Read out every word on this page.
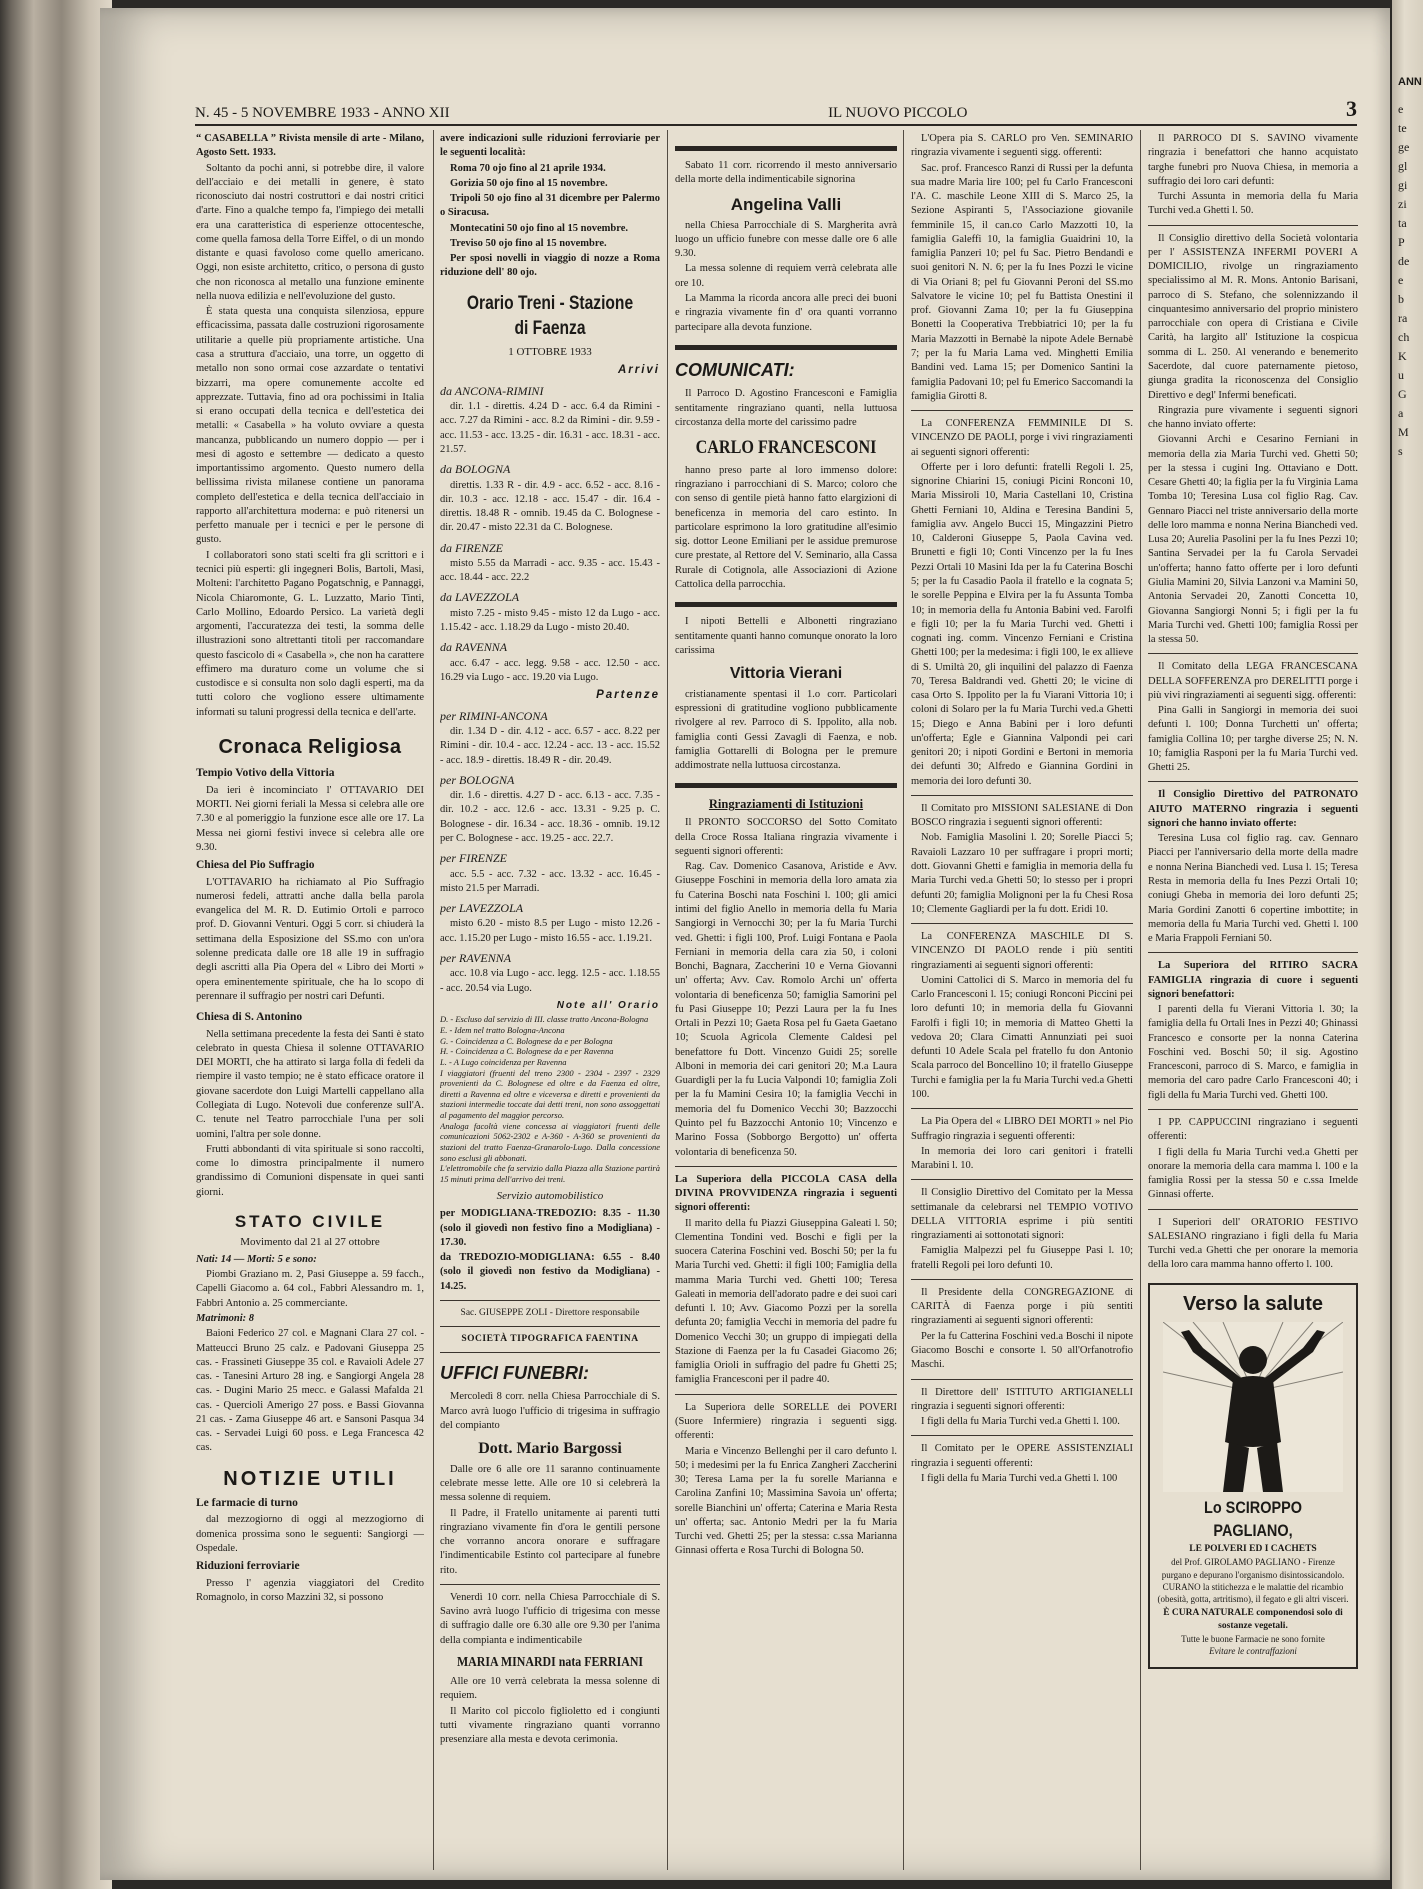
ANN
e
te
ge
gl
gi
zi
ta
P
de
e
b
ra
ch
K
u
G
a
M
s
N. 45 - 5 NOVEMBRE 1933 - ANNO XII	IL NUOVO PICCOLO	3

“ CASABELLA ” Rivista mensile di arte - Milano, Agosto Sett. 1933.

Soltanto da pochi anni, si potrebbe dire, il valore dell'acciaio e dei metalli in genere, è stato riconosciuto dai nostri costruttori e dai nostri critici d'arte. Fino a qualche tempo fa, l'impiego dei metalli era una caratteristica di esperienze ottocentesche, come quella famosa della Torre Eiffel, o di un mondo distante e quasi favoloso come quello americano. Oggi, non esiste architetto, critico, o persona di gusto che non riconosca al metallo una funzione eminente nella nuova edilizia e nell'evoluzione del gusto.

È stata questa una conquista silenziosa, eppure efficacissima, passata dalle costruzioni rigorosamente utilitarie a quelle più propriamente artistiche. Una casa a struttura d'acciaio, una torre, un oggetto di metallo non sono ormai cose azzardate o tentativi bizzarri, ma opere comunemente accolte ed apprezzate. Tuttavia, fino ad ora pochissimi in Italia si erano occupati della tecnica e dell'estetica dei metalli: « Casabella » ha voluto ovviare a questa mancanza, pubblicando un numero doppio — per i mesi di agosto e settembre — dedicato a questo importantissimo argomento. Questo numero della bellissima rivista milanese contiene un panorama completo dell'estetica e della tecnica dell'acciaio in rapporto all'architettura moderna: e può ritenersi un perfetto manuale per i tecnici e per le persone di gusto.

I collaboratori sono stati scelti fra gli scrittori e i tecnici più esperti: gli ingegneri Bolis, Bartoli, Masi, Molteni: l'architetto Pagano Pogatschnig, e Pannaggi, Nicola Chiaromonte, G. L. Luzzatto, Mario Tinti, Carlo Mollino, Edoardo Persico. La varietà degli argomenti, l'accuratezza dei testi, la somma delle illustrazioni sono altrettanti titoli per raccomandare questo fascicolo di « Casabella », che non ha carattere effimero ma duraturo come un volume che si custodisce e si consulta non solo dagli esperti, ma da tutti coloro che vogliono essere ultimamente informati su taluni progressi della tecnica e dell'arte.

Cronaca Religiosa
Tempio Votivo della Vittoria

Da ieri è incominciato l' OTTAVARIO DEI MORTI. Nei giorni feriali la Messa si celebra alle ore 7.30 e al pomeriggio la funzione esce alle ore 17. La Messa nei giorni festivi invece si celebra alle ore 9.30.

Chiesa del Pio Suffragio

L'OTTAVARIO ha richiamato al Pio Suffragio numerosi fedeli, attratti anche dalla bella parola evangelica del M. R. D. Eutimio Ortoli e parroco prof. D. Giovanni Venturi. Oggi 5 corr. si chiuderà la settimana della Esposizione del SS.mo con un'ora solenne predicata dalle ore 18 alle 19 in suffragio degli ascritti alla Pia Opera del « Libro dei Morti » opera eminentemente spirituale, che ha lo scopo di perennare il suffragio per nostri cari Defunti.

Chiesa di S. Antonino

Nella settimana precedente la festa dei Santi è stato celebrato in questa Chiesa il solenne OTTAVARIO DEI MORTI, che ha attirato si larga folla di fedeli da riempire il vasto tempio; ne è stato efficace oratore il giovane sacerdote don Luigi Martelli cappellano alla Collegiata di Lugo. Notevoli due conferenze sull'A. C. tenute nel Teatro parrocchiale l'una per soli uomini, l'altra per sole donne.

Frutti abbondanti di vita spirituale si sono raccolti, come lo dimostra principalmente il numero grandissimo di Comunioni dispensate in quei santi giorni.

STATO CIVILE
Movimento dal 21 al 27 ottobre

Nati: 14 — Morti: 5 e sono:

Piombi Graziano m. 2, Pasi Giuseppe a. 59 facch., Capelli Giacomo a. 64 col., Fabbri Alessandro m. 1, Fabbri Antonio a. 25 commerciante.

Matrimoni: 8

Baioni Federico 27 col. e Magnani Clara 27 col. - Matteucci Bruno 25 calz. e Padovani Giuseppa 25 cas. - Frassineti Giuseppe 35 col. e Ravaioli Adele 27 cas. - Tanesini Arturo 28 ing. e Sangiorgi Angela 28 cas. - Dugini Mario 25 mecc. e Galassi Mafalda 21 cas. - Quercioli Amerigo 27 poss. e Bassi Giovanna 21 cas. - Zama Giuseppe 46 art. e Sansoni Pasqua 34 cas. - Servadei Luigi 60 poss. e Lega Francesca 42 cas.

NOTIZIE UTILI
Le farmacie di turno

dal mezzogiorno di oggi al mezzogiorno di domenica prossima sono le seguenti: Sangiorgi — Ospedale.

Riduzioni ferroviarie

Presso l' agenzia viaggiatori del Credito Romagnolo, in corso Mazzini 32, si possono

avere indicazioni sulle riduzioni ferroviarie per le seguenti località:

Roma 70 ojo fino al 21 aprile 1934.

Gorizia 50 ojo fino al 15 novembre.

Tripoli 50 ojo fino al 31 dicembre per Palermo o Siracusa.

Montecatini 50 ojo fino al 15 novembre.

Treviso 50 ojo fino al 15 novembre.

Per sposi novelli in viaggio di nozze a Roma riduzione dell' 80 ojo.

Orario Treni - Stazione di Faenza
1 OTTOBRE 1933
Arrivi
da ANCONA-RIMINI

dir. 1.1 - direttis. 4.24 D - acc. 6.4 da Rimini - acc. 7.27 da Rimini - acc. 8.2 da Rimini - dir. 9.59 - acc. 11.53 - acc. 13.25 - dir. 16.31 - acc. 18.31 - acc. 21.57.

da BOLOGNA

direttis. 1.33 R - dir. 4.9 - acc. 6.52 - acc. 8.16 - dir. 10.3 - acc. 12.18 - acc. 15.47 - dir. 16.4 - direttis. 18.48 R - omnib. 19.45 da C. Bolognese - dir. 20.47 - misto 22.31 da C. Bolognese.

da FIRENZE

misto 5.55 da Marradi - acc. 9.35 - acc. 15.43 - acc. 18.44 - acc. 22.2

da LAVEZZOLA

misto 7.25 - misto 9.45 - misto 12 da Lugo - acc. 1.15.42 - acc. 1.18.29 da Lugo - misto 20.40.

da RAVENNA

acc. 6.47 - acc. legg. 9.58 - acc. 12.50 - acc. 16.29 via Lugo - acc. 19.20 via Lugo.

Partenze
per RIMINI-ANCONA

dir. 1.34 D - dir. 4.12 - acc. 6.57 - acc. 8.22 per Rimini - dir. 10.4 - acc. 12.24 - acc. 13 - acc. 15.52 - acc. 18.9 - direttis. 18.49 R - dir. 20.49.

per BOLOGNA

dir. 1.6 - direttis. 4.27 D - acc. 6.13 - acc. 7.35 - dir. 10.2 - acc. 12.6 - acc. 13.31 - 9.25 p. C. Bolognese - dir. 16.34 - acc. 18.36 - omnib. 19.12 per C. Bolognese - acc. 19.25 - acc. 22.7.

per FIRENZE

acc. 5.5 - acc. 7.32 - acc. 13.32 - acc. 16.45 - misto 21.5 per Marradi.

per LAVEZZOLA

misto 6.20 - misto 8.5 per Lugo - misto 12.26 - acc. 1.15.20 per Lugo - misto 16.55 - acc. 1.19.21.

per RAVENNA

acc. 10.8 via Lugo - acc. legg. 12.5 - acc. 1.18.55 - acc. 20.54 via Lugo.

Note all' Orario
D. - Escluso dal servizio di III. classe tratto Ancona-Bologna
E. - Idem nel tratto Bologna-Ancona
G. - Coincidenza a C. Bolognese da e per Bologna
H. - Coincidenza a C. Bolognese da e per Ravenna
L. - A Lugo coincidenza per Ravenna
I viaggiatori (fruenti del treno 2300 - 2304 - 2397 - 2329 provenienti da C. Bolognese ed oltre e da Faenza ed oltre, diretti a Ravenna ed oltre e viceversa e diretti e provenienti da stazioni intermedie toccate dai detti treni, non sono assoggettati al pagamento del maggior percorso.
Analoga facoltà viene concessa ai viaggiatori fruenti delle comunicazioni 5062-2302 e A-360 - A-360 se provenienti da stazioni del tratto Faenza-Granarolo-Lugo. Dalla concessione sono esclusi gli abbonati.
L'elettromobile che fa servizio dalla Piazza alla Stazione partirà 15 minuti prima dell'arrivo dei treni.
Servizio automobilistico

per MODIGLIANA-TREDOZIO: 8.35 - 11.30 (solo il giovedì non festivo fino a Modigliana) - 17.30.

da TREDOZIO-MODIGLIANA: 6.55 - 8.40 (solo il giovedì non festivo da Modigliana) - 14.25.

Sac. GIUSEPPE ZOLI - Direttore responsabile
SOCIETÀ TIPOGRAFICA FAENTINA
UFFICI FUNEBRI:

Mercoledì 8 corr. nella Chiesa Parrocchiale di S. Marco avrà luogo l'ufficio di trigesima in suffragio del compianto

Dott. Mario Bargossi

Dalle ore 6 alle ore 11 saranno continuamente celebrate messe lette. Alle ore 10 si celebrerà la messa solenne di requiem.

Il Padre, il Fratello unitamente ai parenti tutti ringraziano vivamente fin d'ora le gentili persone che vorranno ancora onorare e suffragare l'indimenticabile Estinto col partecipare al funebre rito.

Venerdì 10 corr. nella Chiesa Parrocchiale di S. Savino avrà luogo l'ufficio di trigesima con messe di suffragio dalle ore 6.30 alle ore 9.30 per l'anima della compianta e indimenticabile

MARIA MINARDI nata FERRIANI

Alle ore 10 verrà celebrata la messa solenne di requiem.

Il Marito col piccolo figlioletto ed i congiunti tutti vivamente ringraziano quanti vorranno presenziare alla mesta e devota cerimonia.

Sabato 11 corr. ricorrendo il mesto anniversario della morte della indimenticabile signorina

Angelina Valli

nella Chiesa Parrocchiale di S. Margherita avrà luogo un ufficio funebre con messe dalle ore 6 alle 9.30.

La messa solenne di requiem verrà celebrata alle ore 10.

La Mamma la ricorda ancora alle preci dei buoni e ringrazia vivamente fin d' ora quanti vorranno partecipare alla devota funzione.

COMUNICATI:

Il Parroco D. Agostino Francesconi e Famiglia sentitamente ringraziano quanti, nella luttuosa circostanza della morte del carissimo padre

CARLO FRANCESCONI

hanno preso parte al loro immenso dolore: ringraziano i parrocchiani di S. Marco; coloro che con senso di gentile pietà hanno fatto elargizioni di beneficenza in memoria del caro estinto. In particolare esprimono la loro gratitudine all'esimio sig. dottor Leone Emiliani per le assidue premurose cure prestate, al Rettore del V. Seminario, alla Cassa Rurale di Cotignola, alle Associazioni di Azione Cattolica della parrocchia.

I nipoti Bettelli e Albonetti ringraziano sentitamente quanti hanno comunque onorato la loro carissima

Vittoria Vierani

cristianamente spentasi il 1.o corr. Particolari espressioni di gratitudine vogliono pubblicamente rivolgere al rev. Parroco di S. Ippolito, alla nob. famiglia conti Gessi Zavagli di Faenza, e nob. famiglia Gottarelli di Bologna per le premure addimostrate nella luttuosa circostanza.

Ringraziamenti di Istituzioni

Il PRONTO SOCCORSO del Sotto Comitato della Croce Rossa Italiana ringrazia vivamente i seguenti signori offerenti:

Rag. Cav. Domenico Casanova, Aristide e Avv. Giuseppe Foschini in memoria della loro amata zia fu Caterina Boschi nata Foschini l. 100; gli amici intimi del figlio Anello in memoria della fu Maria Sangiorgi in Vernocchi 30; per la fu Maria Turchi ved. Ghetti: i figli 100, Prof. Luigi Fontana e Paola Ferniani in memoria della cara zia 50, i coloni Bonchi, Bagnara, Zaccherini 10 e Verna Giovanni un' offerta; Avv. Cav. Romolo Archi un' offerta volontaria di beneficenza 50; famiglia Samorini pel fu Pasi Giuseppe 10; Pezzi Laura per la fu Ines Ortali in Pezzi 10; Gaeta Rosa pel fu Gaeta Gaetano 10; Scuola Agricola Clemente Caldesi pel benefattore fu Dott. Vincenzo Guidi 25; sorelle Alboni in memoria dei cari genitori 20; M.a Laura Guardigli per la fu Lucia Valpondi 10; famiglia Zoli per la fu Mamini Cesira 10; la famiglia Vecchi in memoria del fu Domenico Vecchi 30; Bazzocchi Quinto pel fu Bazzocchi Antonio 10; Vincenzo e Marino Fossa (Sobborgo Bergotto) un' offerta volontaria di beneficenza 50.

La Superiora della PICCOLA CASA della DIVINA PROVVIDENZA ringrazia i seguenti signori offerenti:

Il marito della fu Piazzi Giuseppina Galeati l. 50; Clementina Tondini ved. Boschi e figli per la suocera Caterina Foschini ved. Boschi 50; per la fu Maria Turchi ved. Ghetti: il figli 100; Famiglia della mamma Maria Turchi ved. Ghetti 100; Teresa Galeati in memoria dell'adorato padre e dei suoi cari defunti l. 10; Avv. Giacomo Pozzi per la sorella defunta 20; famiglia Vecchi in memoria del padre fu Domenico Vecchi 30; un gruppo di impiegati della Stazione di Faenza per la fu Casadei Giacomo 26; famiglia Orioli in suffragio del padre fu Ghetti 25; famiglia Francesconi per il padre 40.

La Superiora delle SORELLE dei POVERI (Suore Infermiere) ringrazia i seguenti sigg. offerenti:

Maria e Vincenzo Bellenghi per il caro defunto l. 50; i medesimi per la fu Enrica Zangheri Zaccherini 30; Teresa Lama per la fu sorelle Marianna e Carolina Zanfini 10; Massimina Savoia un' offerta; sorelle Bianchini un' offerta; Caterina e Maria Resta un' offerta; sac. Antonio Medri per la fu Maria Turchi ved. Ghetti 25; per la stessa: c.ssa Marianna Ginnasi offerta e Rosa Turchi di Bologna 50.

L'Opera pia S. CARLO pro Ven. SEMINARIO ringrazia vivamente i seguenti sigg. offerenti:

Sac. prof. Francesco Ranzi di Russi per la defunta sua madre Maria lire 100; pel fu Carlo Francesconi l'A. C. maschile Leone XIII di S. Marco 25, la Sezione Aspiranti 5, l'Associazione giovanile femminile 15, il can.co Carlo Mazzotti 10, la famiglia Galeffi 10, la famiglia Guaidrini 10, la famiglia Panzeri 10; pel fu Sac. Pietro Bendandi e suoi genitori N. N. 6; per la fu Ines Pozzi le vicine di Via Oriani 8; pel fu Giovanni Peroni del SS.mo Salvatore le vicine 10; pel fu Battista Onestini il prof. Giovanni Zama 10; per la fu Giuseppina Bonetti la Cooperativa Trebbiatrici 10; per la fu Maria Mazzotti in Bernabè la nipote Adele Bernabè 7; per la fu Maria Lama ved. Minghetti Emilia Bandini ved. Lama 15; per Domenico Santini la famiglia Padovani 10; pel fu Emerico Saccomandi la famiglia Girotti 8.

La CONFERENZA FEMMINILE DI S. VINCENZO DE PAOLI, porge i vivi ringraziamenti ai seguenti signori offerenti:

Offerte per i loro defunti: fratelli Regoli l. 25, signorine Chiarini 15, coniugi Picini Ronconi 10, Maria Missiroli 10, Maria Castellani 10, Cristina Ghetti Ferniani 10, Aldina e Teresina Bandini 5, famiglia avv. Angelo Bucci 15, Mingazzini Pietro 10, Calderoni Giuseppe 5, Paola Cavina ved. Brunetti e figli 10; Conti Vincenzo per la fu Ines Pezzi Ortali 10 Masini Ida per la fu Caterina Boschi 5; per la fu Casadio Paola il fratello e la cognata 5; le sorelle Peppina e Elvira per la fu Assunta Tomba 10; in memoria della fu Antonia Babini ved. Farolfi e figli 10; per la fu Maria Turchi ved. Ghetti i cognati ing. comm. Vincenzo Ferniani e Cristina Ghetti 100; per la medesima: i figli 100, le ex allieve di S. Umiltà 20, gli inquilini del palazzo di Faenza 70, Teresa Baldrandi ved. Ghetti 20; le vicine di casa Orto S. Ippolito per la fu Viarani Vittoria 10; i coloni di Solaro per la fu Maria Turchi ved.a Ghetti 15; Diego e Anna Babini per i loro defunti un'offerta; Egle e Giannina Valpondi pei cari genitori 20; i nipoti Gordini e Bertoni in memoria dei defunti 30; Alfredo e Giannina Gordini in memoria dei loro defunti 30.

Il Comitato pro MISSIONI SALESIANE di Don BOSCO ringrazia i seguenti signori offerenti:

Nob. Famiglia Masolini l. 20; Sorelle Piacci 5; Ravaioli Lazzaro 10 per suffragare i propri morti; dott. Giovanni Ghetti e famiglia in memoria della fu Maria Turchi ved.a Ghetti 50; lo stesso per i propri defunti 20; famiglia Molignoni per la fu Chesi Rosa 10; Clemente Gagliardi per la fu dott. Eridi 10.

La CONFERENZA MASCHILE DI S. VINCENZO DI PAOLO rende i più sentiti ringraziamenti ai seguenti signori offerenti:

Uomini Cattolici di S. Marco in memoria del fu Carlo Francesconi l. 15; coniugi Ronconi Piccini pei loro defunti 10; in memoria della fu Giovanni Farolfi i figli 10; in memoria di Matteo Ghetti la vedova 20; Clara Cimatti Annunziati pei suoi defunti 10 Adele Scala pel fratello fu don Antonio Scala parroco del Boncellino 10; il fratello Giuseppe Turchi e famiglia per la fu Maria Turchi ved.a Ghetti 100.

La Pia Opera del « LIBRO DEI MORTI » nel Pio Suffragio ringrazia i seguenti offerenti:

In memoria dei loro cari genitori i fratelli Marabini l. 10.

Il Consiglio Direttivo del Comitato per la Messa settimanale da celebrarsi nel TEMPIO VOTIVO DELLA VITTORIA esprime i più sentiti ringraziamenti ai sottonotati signori:

Famiglia Malpezzi pel fu Giuseppe Pasi l. 10; fratelli Regoli pei loro defunti 10.

Il Presidente della CONGREGAZIONE di CARITÀ di Faenza porge i più sentiti ringraziamenti ai seguenti signori offerenti:

Per la fu Catterina Foschini ved.a Boschi il nipote Giacomo Boschi e consorte l. 50 all'Orfanotrofio Maschi.

Il Direttore dell' ISTITUTO ARTIGIANELLI ringrazia i seguenti signori offerenti:

I figli della fu Maria Turchi ved.a Ghetti l. 100.

Il Comitato per le OPERE ASSISTENZIALI ringrazia i seguenti offerenti:

I figli della fu Maria Turchi ved.a Ghetti l. 100

Il PARROCO DI S. SAVINO vivamente ringrazia i benefattori che hanno acquistato targhe funebri pro Nuova Chiesa, in memoria a suffragio dei loro cari defunti:

Turchi Assunta in memoria della fu Maria Turchi ved.a Ghetti l. 50.

Il Consiglio direttivo della Società volontaria per l' ASSISTENZA INFERMI POVERI A DOMICILIO, rivolge un ringraziamento specialissimo al M. R. Mons. Antonio Barisani, parroco di S. Stefano, che solennizzando il cinquantesimo anniversario del proprio ministero parrocchiale con opera di Cristiana e Civile Carità, ha largito all' Istituzione la cospicua somma di L. 250. Al venerando e benemerito Sacerdote, dal cuore paternamente pietoso, giunga gradita la riconoscenza del Consiglio Direttivo e degl' Infermi beneficati.

Ringrazia pure vivamente i seguenti signori che hanno inviato offerte:

Giovanni Archi e Cesarino Ferniani in memoria della zia Maria Turchi ved. Ghetti 50; per la stessa i cugini Ing. Ottaviano e Dott. Cesare Ghetti 40; la figlia per la fu Virginia Lama Tomba 10; Teresina Lusa col figlio Rag. Cav. Gennaro Piacci nel triste anniversario della morte delle loro mamma e nonna Nerina Bianchedi ved. Lusa 20; Aurelia Pasolini per la fu Ines Pezzi 10; Santina Servadei per la fu Carola Servadei un'offerta; hanno fatto offerte per i loro defunti Giulia Mamini 20, Silvia Lanzoni v.a Mamini 50, Antonia Servadei 20, Zanotti Concetta 10, Giovanna Sangiorgi Nonni 5; i figli per la fu Maria Turchi ved. Ghetti 100; famiglia Rossi per la stessa 50.

Il Comitato della LEGA FRANCESCANA DELLA SOFFERENZA pro DERELITTI porge i più vivi ringraziamenti ai seguenti sigg. offerenti:

Pina Galli in Sangiorgi in memoria dei suoi defunti l. 100; Donna Turchetti un' offerta; famiglia Collina 10; per targhe diverse 25; N. N. 10; famiglia Rasponi per la fu Maria Turchi ved. Ghetti 25.

Il Consiglio Direttivo del PATRONATO AIUTO MATERNO ringrazia i seguenti signori che hanno inviato offerte:

Teresina Lusa col figlio rag. cav. Gennaro Piacci per l'anniversario della morte della madre e nonna Nerina Bianchedi ved. Lusa l. 15; Teresa Resta in memoria della fu Ines Pezzi Ortali 10; coniugi Gheba in memoria dei loro defunti 25; Maria Gordini Zanotti 6 copertine imbottite; in memoria della fu Maria Turchi ved. Ghetti l. 100 e Maria Frappoli Ferniani 50.

La Superiora del RITIRO SACRA FAMIGLIA ringrazia di cuore i seguenti signori benefattori:

I parenti della fu Vierani Vittoria l. 30; la famiglia della fu Ortali Ines in Pezzi 40; Ghinassi Francesco e consorte per la nonna Caterina Foschini ved. Boschi 50; il sig. Agostino Francesconi, parroco di S. Marco, e famiglia in memoria del caro padre Carlo Francesconi 40; i figli della fu Maria Turchi ved. Ghetti 100.

I PP. CAPPUCCINI ringraziano i seguenti offerenti:

I figli della fu Maria Turchi ved.a Ghetti per onorare la memoria della cara mamma l. 100 e la famiglia Rossi per la stessa 50 e c.ssa Imelde Ginnasi offerte.

I Superiori dell' ORATORIO FESTIVO SALESIANO ringraziano i figli della fu Maria Turchi ved.a Ghetti che per onorare la memoria della loro cara mamma hanno offerto l. 100.

Verso la salute
Lo SCIROPPO PAGLIANO,
LE POLVERI ED I CACHETS
del Prof. GIROLAMO PAGLIANO - Firenze
purgano e depurano l'organismo disintossicandolo.
CURANO la stitichezza e le malattie del ricambio (obesità, gotta, artritismo), il fegato e gli altri visceri.
È CURA NATURALE componendosi solo di sostanze vegetali.
Tutte le buone Farmacie ne sono fornite
Evitare le contraffazioni
